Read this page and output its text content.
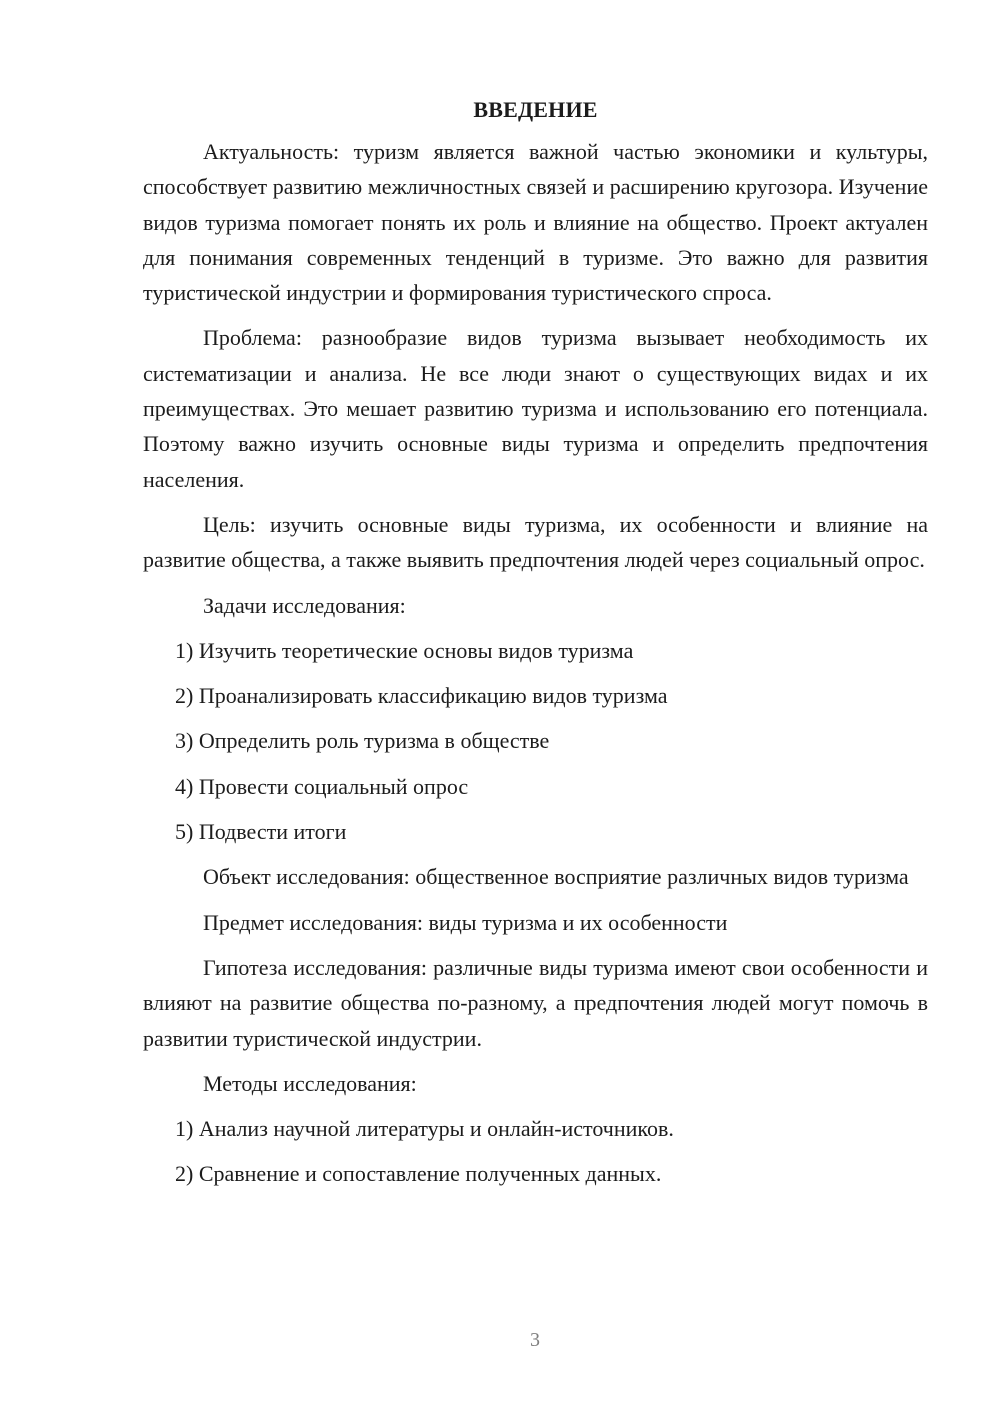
ВВЕДЕНИЕ

Актуальность: туризм является важной частью экономики и культуры, способствует развитию межличностных связей и расширению кругозора. Изучение видов туризма помогает понять их роль и влияние на общество. Проект актуален для понимания современных тенденций в туризме. Это важно для развития туристической индустрии и формирования туристического спроса.

Проблема: разнообразие видов туризма вызывает необходимость их систематизации и анализа. Не все люди знают о существующих видах и их преимуществах. Это мешает развитию туризма и использованию его потенциала. Поэтому важно изучить основные виды туризма и определить предпочтения населения.

Цель: изучить основные виды туризма, их особенности и влияние на развитие общества, а также выявить предпочтения людей через социальный опрос.

Задачи исследования:

1) Изучить теоретические основы видов туризма
2) Проанализировать классификацию видов туризма
3) Определить роль туризма в обществе
4) Провести социальный опрос
5) Подвести итоги

Объект исследования: общественное восприятие различных видов туризма

Предмет исследования: виды туризма и их особенности

Гипотеза исследования: различные виды туризма имеют свои особенности и влияют на развитие общества по-разному, а предпочтения людей могут помочь в развитии туристической индустрии.

Методы исследования:

1) Анализ научной литературы и онлайн-источников.
2) Сравнение и сопоставление полученных данных.
3
